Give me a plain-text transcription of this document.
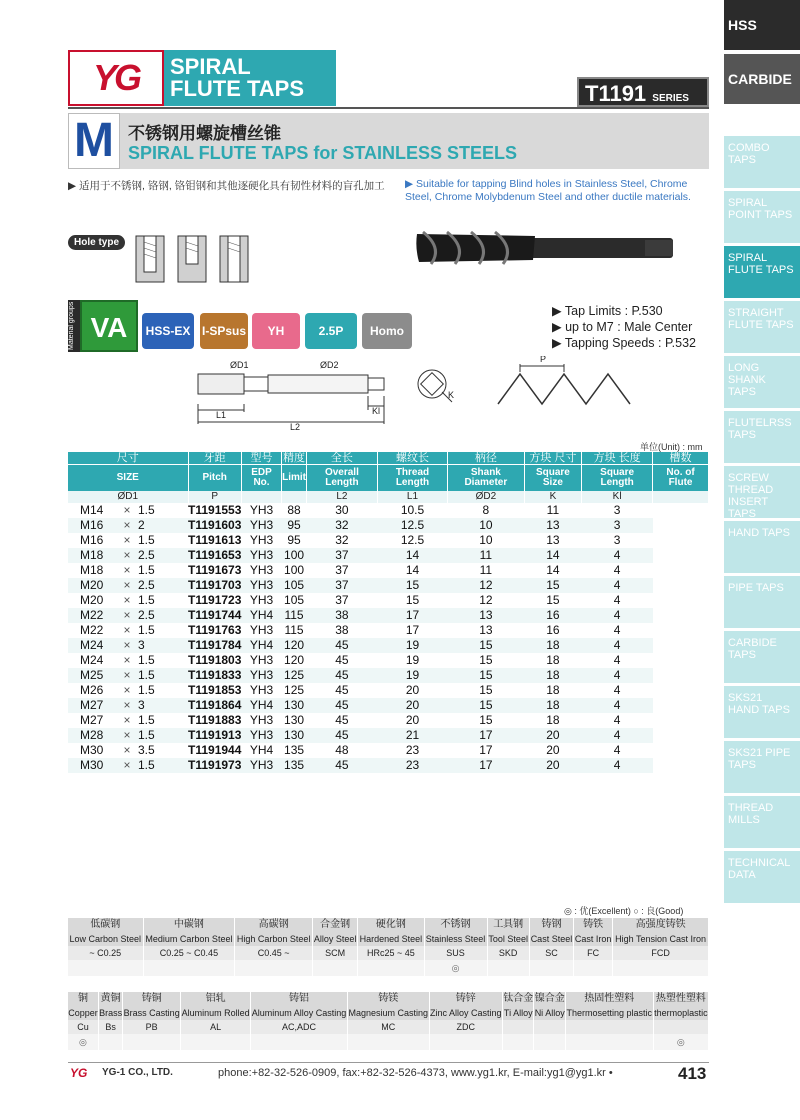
HSS
CARBIDE
COMBO TAPS
SPIRAL POINT TAPS
SPIRAL FLUTE TAPS
STRAIGHT FLUTE TAPS
LONG SHANK TAPS
FLUTELRSS TAPS
SCREW THREAD INSERT TAPS
HAND TAPS
PIPE TAPS
CARBIDE TAPS
SKS21 HAND TAPS
SKS21 PIPE TAPS
THREAD MILLS
TECHNICAL DATA
YG SPIRAL
FLUTE TAPS	T1191 SERIES
M 不锈钢用螺旋槽丝锥
SPIRAL FLUTE TAPS for STAINLESS STEELS
▶ 适用于不锈钢, 铬钢, 铬钼钢和其他逐硬化具有韧性材料的盲孔加工	▶ Suitable for tapping Blind holes in Stainless Steel, Chrome Steel, Chrome Molybdenum Steel and other ductile materials.
Hole type
Material groups VA	HSS-EX I-SPsus	YH	2.5P	Homo
▶ Tap Limits : P.530
▶ up to M7 : Male Center
▶ Tapping Speeds : P.532
ØD1	ØD2
L1
L2
Kl
K
P
单位(Unit) : mm
尺寸			牙距	型号	精度	全长	螺纹长	柄径	方块 尺寸	方块 长度	槽数
SIZE			Pitch	EDP No.	Limit	Overall Length	Thread Length	Shank Diameter	Square Size	Square Length	No. of Flute
ØD1			P			L2	L1	ØD2	K	Kl	
M14	×	1.5	T1191553	YH3	88	30	10.5	8	11	3	
M16	×	2	T1191603	YH3	95	32	12.5	10	13	3	
M16	×	1.5	T1191613	YH3	95	32	12.5	10	13	3	
M18	×	2.5	T1191653	YH3	100	37	14	11	14	4	
M18	×	1.5	T1191673	YH3	100	37	14	11	14	4	
M20	×	2.5	T1191703	YH3	105	37	15	12	15	4	
M20	×	1.5	T1191723	YH3	105	37	15	12	15	4	
M22	×	2.5	T1191744	YH4	115	38	17	13	16	4	
M22	×	1.5	T1191763	YH3	115	38	17	13	16	4	
M24	×	3	T1191784	YH4	120	45	19	15	18	4	
M24	×	1.5	T1191803	YH3	120	45	19	15	18	4	
M25	×	1.5	T1191833	YH3	125	45	19	15	18	4	
M26	×	1.5	T1191853	YH3	125	45	20	15	18	4	
M27	×	3	T1191864	YH4	130	45	20	15	18	4	
M27	×	1.5	T1191883	YH3	130	45	20	15	18	4	
M28	×	1.5	T1191913	YH3	130	45	21	17	20	4	
M30	×	3.5	T1191944	YH4	135	48	23	17	20	4	
M30	×	1.5	T1191973	YH3	135	45	23	17	20	4	
◎ : 优(Excellent) ○ : 良(Good)
低碳钢	中碳钢	高碳钢	合金钢	硬化钢	不锈钢	工具钢	铸钢	铸铁	高强度铸铁
Low Carbon Steel	Medium Carbon Steel	High Carbon Steel	Alloy Steel	Hardened Steel	Stainless Steel	Tool Steel	Cast Steel	Cast Iron	High Tension Cast Iron
~ C0.25	C0.25 ~ C0.45	C0.45 ~	SCM	HRc25 ~ 45	SUS	SKD	SC	FC	FCD
					◎				
铜	黄铜	铸铜	铝轧	铸铝	铸镁	铸锌	钛合金	镍合金	热固性塑料	热塑性塑料
Copper	Brass	Brass Casting	Aluminum Rolled	Aluminum Alloy Casting	Magnesium Casting	Zinc Alloy Casting	Ti Alloy	Ni Alloy	Thermosetting plastic	thermoplastic
Cu	Bs	PB	AL	AC,ADC	MC	ZDC				
◎										◎
YG YG-1 CO., LTD.	phone:+82-32-526-0909, fax:+82-32-526-4373, www.yg1.kr, E-mail:yg1@yg1.kr •	413
